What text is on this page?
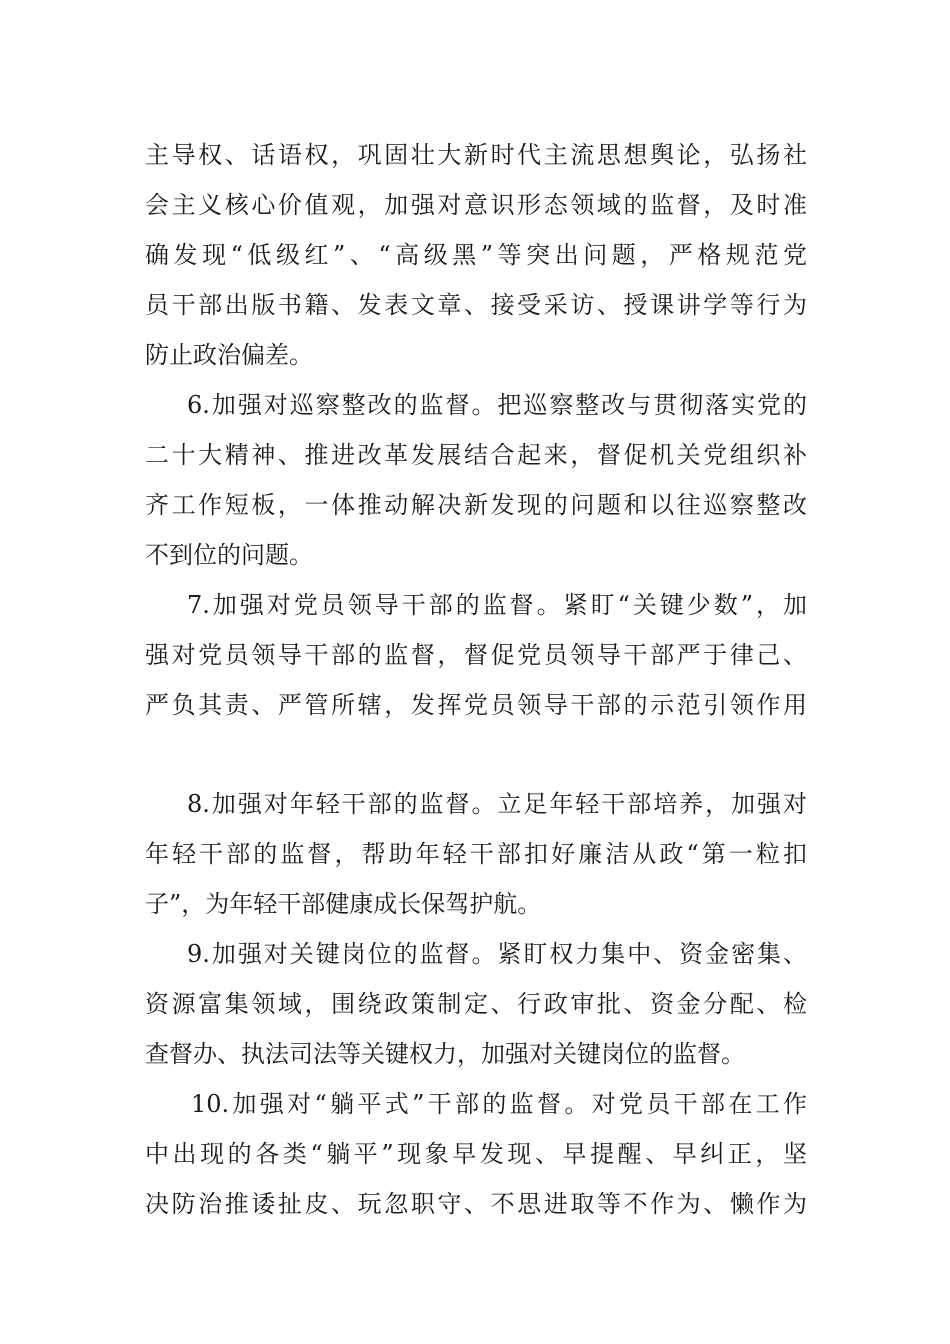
主导权、话语权，巩固壮大新时代主流思想舆论，弘扬社
会主义核心价值观，加强对意识形态领域的监督，及时准
确发现“低级红”、“高级黑”等突出问题，严格规范党
员干部出版书籍、发表文章、接受采访、授课讲学等行为
防止政治偏差。
6.加强对巡察整改的监督。把巡察整改与贯彻落实党的
二十大精神、推进改革发展结合起来，督促机关党组织补
齐工作短板，一体推动解决新发现的问题和以往巡察整改
不到位的问题。
7.加强对党员领导干部的监督。紧盯“关键少数”，加
强对党员领导干部的监督，督促党员领导干部严于律己、
严负其责、严管所辖，发挥党员领导干部的示范引领作用
8.加强对年轻干部的监督。立足年轻干部培养，加强对
年轻干部的监督，帮助年轻干部扣好廉洁从政“第一粒扣
子”，为年轻干部健康成长保驾护航。
9.加强对关键岗位的监督。紧盯权力集中、资金密集、
资源富集领域，围绕政策制定、行政审批、资金分配、检
查督办、执法司法等关键权力，加强对关键岗位的监督。
10.加强对“躺平式”干部的监督。对党员干部在工作
中出现的各类“躺平”现象早发现、早提醒、早纠正，坚
决防治推诿扯皮、玩忽职守、不思进取等不作为、懒作为
